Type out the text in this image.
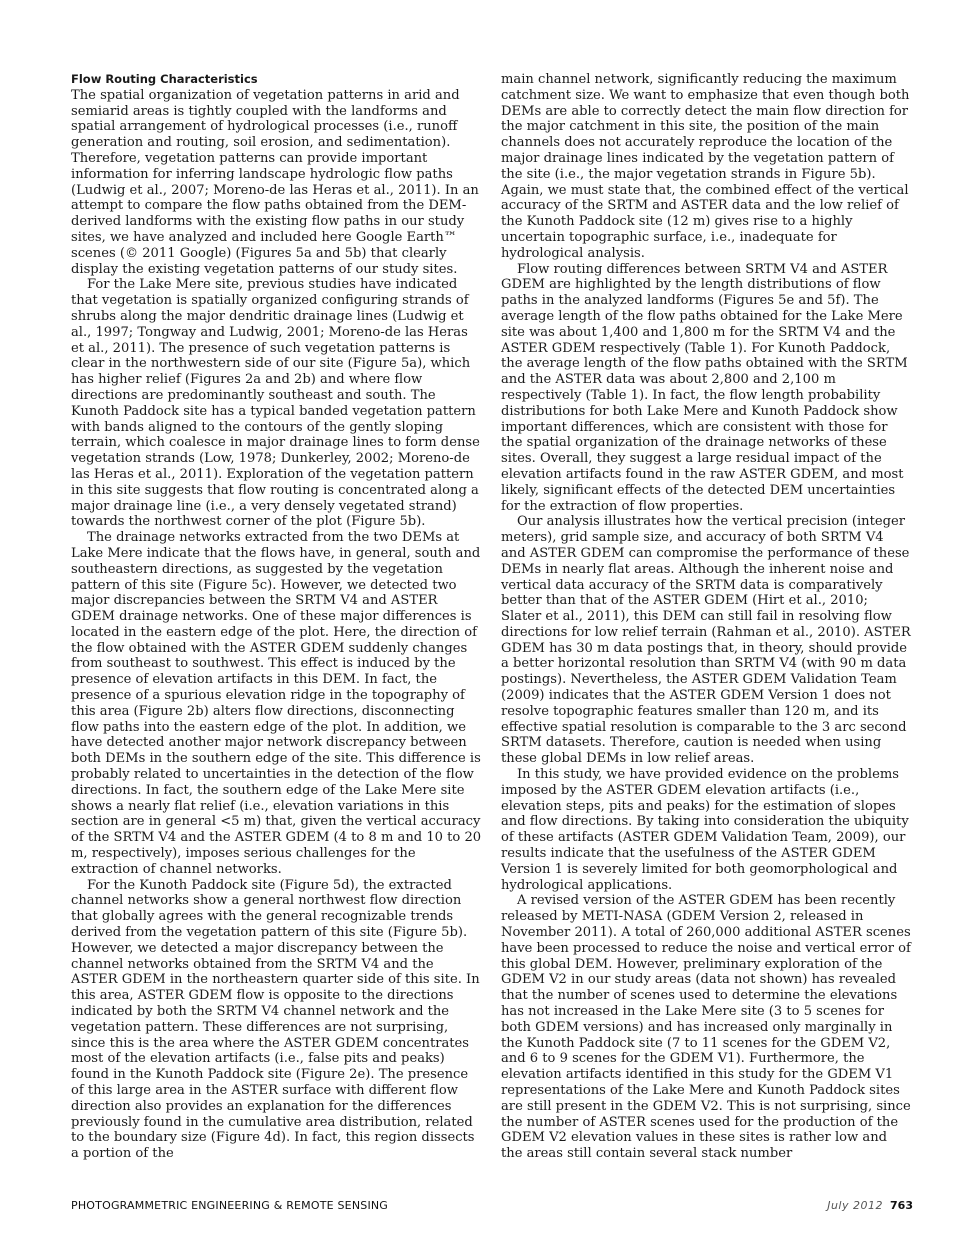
Flow Routing Characteristics

The spatial organization of vegetation patterns in arid and semiarid areas is tightly coupled with the landforms and spatial arrangement of hydrological processes (i.e., runoff generation and routing, soil erosion, and sedimentation). Therefore, vegetation patterns can provide important information for inferring landscape hydrologic flow paths (Ludwig et al., 2007; Moreno-de las Heras et al., 2011). In an attempt to compare the flow paths obtained from the DEM-derived landforms with the existing flow paths in our study sites, we have analyzed and included here Google Earth™ scenes (© 2011 Google) (Figures 5a and 5b) that clearly display the existing vegetation patterns of our study sites.

For the Lake Mere site, previous studies have indicated that vegetation is spatially organized configuring strands of shrubs along the major dendritic drainage lines (Ludwig et al., 1997; Tongway and Ludwig, 2001; Moreno-de las Heras et al., 2011). The presence of such vegetation patterns is clear in the northwestern side of our site (Figure 5a), which has higher relief (Figures 2a and 2b) and where flow directions are predominantly southeast and south. The Kunoth Paddock site has a typical banded vegetation pattern with bands aligned to the contours of the gently sloping terrain, which coalesce in major drainage lines to form dense vegetation strands (Low, 1978; Dunkerley, 2002; Moreno-de las Heras et al., 2011). Exploration of the vegetation pattern in this site suggests that flow routing is concentrated along a major drainage line (i.e., a very densely vegetated strand) towards the northwest corner of the plot (Figure 5b).

The drainage networks extracted from the two DEMs at Lake Mere indicate that the flows have, in general, south and southeastern directions, as suggested by the vegetation pattern of this site (Figure 5c). However, we detected two major discrepancies between the SRTM V4 and ASTER GDEM drainage networks. One of these major differences is located in the eastern edge of the plot. Here, the direction of the flow obtained with the ASTER GDEM suddenly changes from southeast to southwest. This effect is induced by the presence of elevation artifacts in this DEM. In fact, the presence of a spurious elevation ridge in the topography of this area (Figure 2b) alters flow directions, disconnecting flow paths into the eastern edge of the plot. In addition, we have detected another major network discrepancy between both DEMs in the southern edge of the site. This difference is probably related to uncertainties in the detection of the flow directions. In fact, the southern edge of the Lake Mere site shows a nearly flat relief (i.e., elevation variations in this section are in general <5 m) that, given the vertical accuracy of the SRTM V4 and the ASTER GDEM (4 to 8 m and 10 to 20 m, respectively), imposes serious challenges for the extraction of channel networks.

For the Kunoth Paddock site (Figure 5d), the extracted channel networks show a general northwest flow direction that globally agrees with the general recognizable trends derived from the vegetation pattern of this site (Figure 5b). However, we detected a major discrepancy between the channel networks obtained from the SRTM V4 and the ASTER GDEM in the northeastern quarter side of this site. In this area, ASTER GDEM flow is opposite to the directions indicated by both the SRTM V4 channel network and the vegetation pattern. These differences are not surprising, since this is the area where the ASTER GDEM concentrates most of the elevation artifacts (i.e., false pits and peaks) found in the Kunoth Paddock site (Figure 2e). The presence of this large area in the ASTER surface with different flow direction also provides an explanation for the differences previously found in the cumulative area distribution, related to the boundary size (Figure 4d). In fact, this region dissects a portion of the

main channel network, significantly reducing the maximum catchment size. We want to emphasize that even though both DEMs are able to correctly detect the main flow direction for the major catchment in this site, the position of the main channels does not accurately reproduce the location of the major drainage lines indicated by the vegetation pattern of the site (i.e., the major vegetation strands in Figure 5b). Again, we must state that, the combined effect of the vertical accuracy of the SRTM and ASTER data and the low relief of the Kunoth Paddock site (12 m) gives rise to a highly uncertain topographic surface, i.e., inadequate for hydrological analysis.

Flow routing differences between SRTM V4 and ASTER GDEM are highlighted by the length distributions of flow paths in the analyzed landforms (Figures 5e and 5f). The average length of the flow paths obtained for the Lake Mere site was about 1,400 and 1,800 m for the SRTM V4 and the ASTER GDEM respectively (Table 1). For Kunoth Paddock, the average length of the flow paths obtained with the SRTM and the ASTER data was about 2,800 and 2,100 m respectively (Table 1). In fact, the flow length probability distributions for both Lake Mere and Kunoth Paddock show important differences, which are consistent with those for the spatial organization of the drainage networks of these sites. Overall, they suggest a large residual impact of the elevation artifacts found in the raw ASTER GDEM, and most likely, significant effects of the detected DEM uncertainties for the extraction of flow properties.

Our analysis illustrates how the vertical precision (integer meters), grid sample size, and accuracy of both SRTM V4 and ASTER GDEM can compromise the performance of these DEMs in nearly flat areas. Although the inherent noise and vertical data accuracy of the SRTM data is comparatively better than that of the ASTER GDEM (Hirt et al., 2010; Slater et al., 2011), this DEM can still fail in resolving flow directions for low relief terrain (Rahman et al., 2010). ASTER GDEM has 30 m data postings that, in theory, should provide a better horizontal resolution than SRTM V4 (with 90 m data postings). Nevertheless, the ASTER GDEM Validation Team (2009) indicates that the ASTER GDEM Version 1 does not resolve topographic features smaller than 120 m, and its effective spatial resolution is comparable to the 3 arc second SRTM datasets. Therefore, caution is needed when using these global DEMs in low relief areas.

In this study, we have provided evidence on the problems imposed by the ASTER GDEM elevation artifacts (i.e., elevation steps, pits and peaks) for the estimation of slopes and flow directions. By taking into consideration the ubiquity of these artifacts (ASTER GDEM Validation Team, 2009), our results indicate that the usefulness of the ASTER GDEM Version 1 is severely limited for both geomorphological and hydrological applications.

A revised version of the ASTER GDEM has been recently released by METI-NASA (GDEM Version 2, released in November 2011). A total of 260,000 additional ASTER scenes have been processed to reduce the noise and vertical error of this global DEM. However, preliminary exploration of the GDEM V2 in our study areas (data not shown) has revealed that the number of scenes used to determine the elevations has not increased in the Lake Mere site (3 to 5 scenes for both GDEM versions) and has increased only marginally in the Kunoth Paddock site (7 to 11 scenes for the GDEM V2, and 6 to 9 scenes for the GDEM V1). Furthermore, the elevation artifacts identified in this study for the GDEM V1 representations of the Lake Mere and Kunoth Paddock sites are still present in the GDEM V2. This is not surprising, since the number of ASTER scenes used for the production of the GDEM V2 elevation values in these sites is rather low and the areas still contain several stack number

PHOTOGRAMMETRIC ENGINEERING & REMOTE SENSING	July 2012 763
